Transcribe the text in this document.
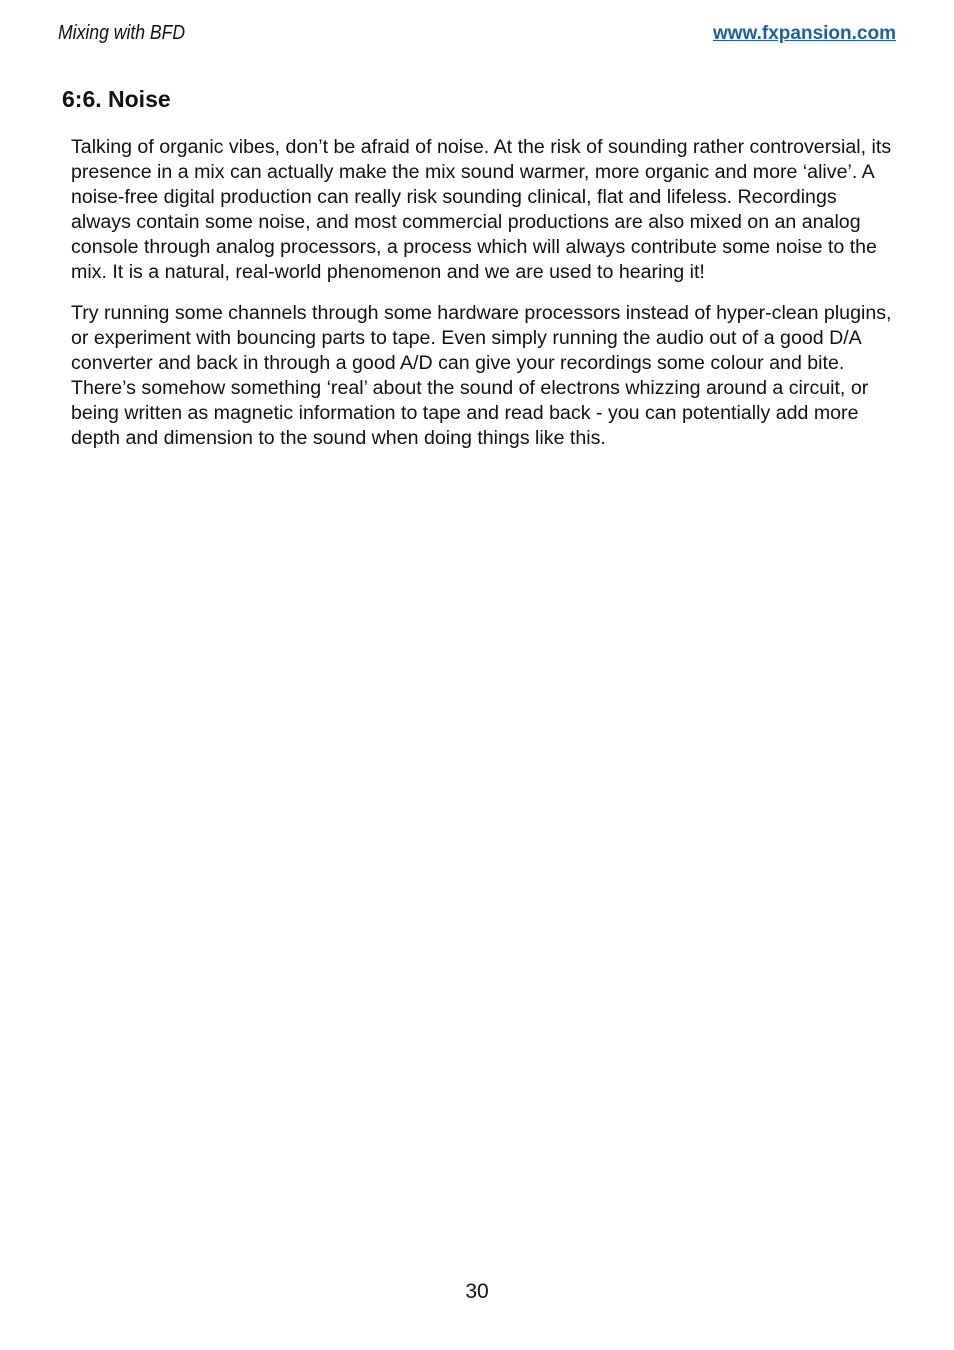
Mixing with BFD	www.fxpansion.com
6:6. Noise

Talking of organic vibes, don’t be afraid of noise. At the risk of sounding rather controversial, its presence in a mix can actually make the mix sound warmer, more organic and more ‘alive’. A noise-free digital production can really risk sounding clinical, flat and lifeless. Recordings always contain some noise, and most commercial productions are also mixed on an analog console through analog processors, a process which will always contribute some noise to the mix. It is a natural, real-world phenomenon and we are used to hearing it!

Try running some channels through some hardware processors instead of hyper-clean plugins, or experiment with bouncing parts to tape. Even simply running the audio out of a good D/A converter and back in through a good A/D can give your recordings some colour and bite. There’s somehow something ‘real’ about the sound of electrons whizzing around a circuit, or being written as magnetic information to tape and read back - you can potentially add more depth and dimension to the sound when doing things like this.

30
